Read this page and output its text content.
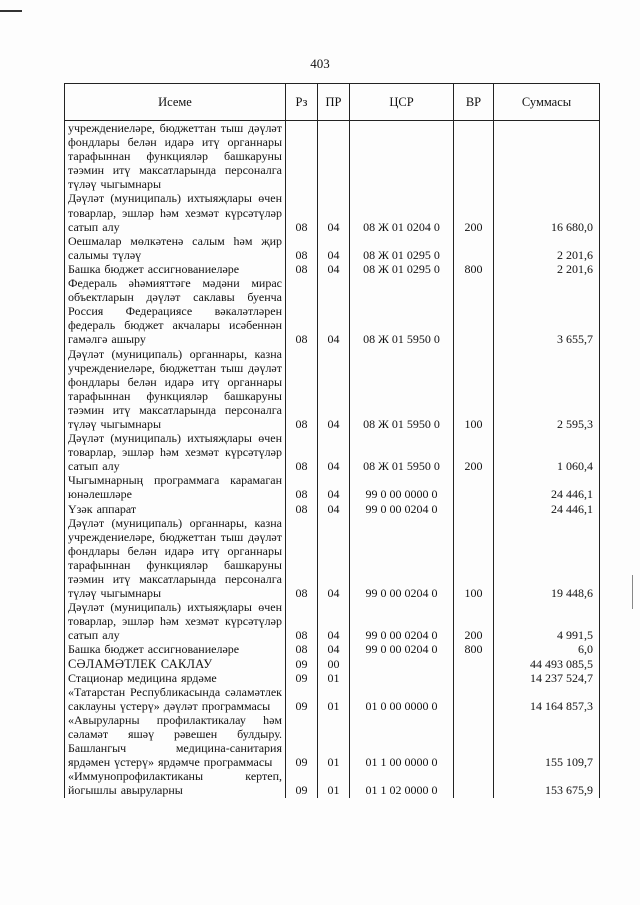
403
Исеме	Рз	ПР	ЦСР	ВР	Суммасы
учреждениеләре, бюджеттан тыш дәүләт фондлары белән идарә итү органнары тарафыннан функцияләр башкаруны тәэмин итү максатларында персоналга түләү чыгымнары					
Дәүләт (муниципаль) ихтыяҗлары өчен товарлар, эшләр һәм хезмәт күрсәтүләр сатып алу	08	04	08 Ж 01 0204 0	200	16 680,0
Оешмалар мөлкәтенә салым һәм җир салымы түләү	08	04	08 Ж 01 0295 0		2 201,6
Башка бюджет ассигнованиеләре	08	04	08 Ж 01 0295 0	800	2 201,6
Федераль әһәмияттәге мәдәни мирас объектларын дәүләт саклавы буенча Россия Федерациясе вәкаләтләрен федераль бюджет акчалары исәбеннән гамәлгә ашыру	08	04	08 Ж 01 5950 0		3 655,7
Дәүләт (муниципаль) органнары, казна учреждениеләре, бюджеттан тыш дәүләт фондлары белән идарә итү органнары тарафыннан функцияләр башкаруны тәэмин итү максатларында персоналга түләү чыгымнары	08	04	08 Ж 01 5950 0	100	2 595,3
Дәүләт (муниципаль) ихтыяҗлары өчен товарлар, эшләр һәм хезмәт күрсәтүләр сатып алу	08	04	08 Ж 01 5950 0	200	1 060,4
Чыгымнарның программага карамаган юнәлешләре	08	04	99 0 00 0000 0		24 446,1
Үзәк аппарат	08	04	99 0 00 0204 0		24 446,1
Дәүләт (муниципаль) органнары, казна учреждениеләре, бюджеттан тыш дәүләт фондлары белән идарә итү органнары тарафыннан функцияләр башкаруны тәэмин итү максатларында персоналга түләү чыгымнары	08	04	99 0 00 0204 0	100	19 448,6
Дәүләт (муниципаль) ихтыяҗлары өчен товарлар, эшләр һәм хезмәт күрсәтүләр сатып алу	08	04	99 0 00 0204 0	200	4 991,5
Башка бюджет ассигнованиеләре	08	04	99 0 00 0204 0	800	6,0
СӘЛАМӘТЛЕК САКЛАУ	09	00			44 493 085,5
Стационар медицина ярдәме	09	01			14 237 524,7
«Татарстан Республикасында сәламәтлек саклауны үстерү» дәүләт программасы	09	01	01 0 00 0000 0		14 164 857,3
«Авыруларны профилактикалау һәм сәламәт яшәү рәвешен булдыру. Башлангыч медицина-санитария ярдәмен үстерү» ярдәмче программасы	09	01	01 1 00 0000 0		155 109,7
«Иммунопрофилактиканы кертеп, йогышлы авыруларны	09	01	01 1 02 0000 0		153 675,9
